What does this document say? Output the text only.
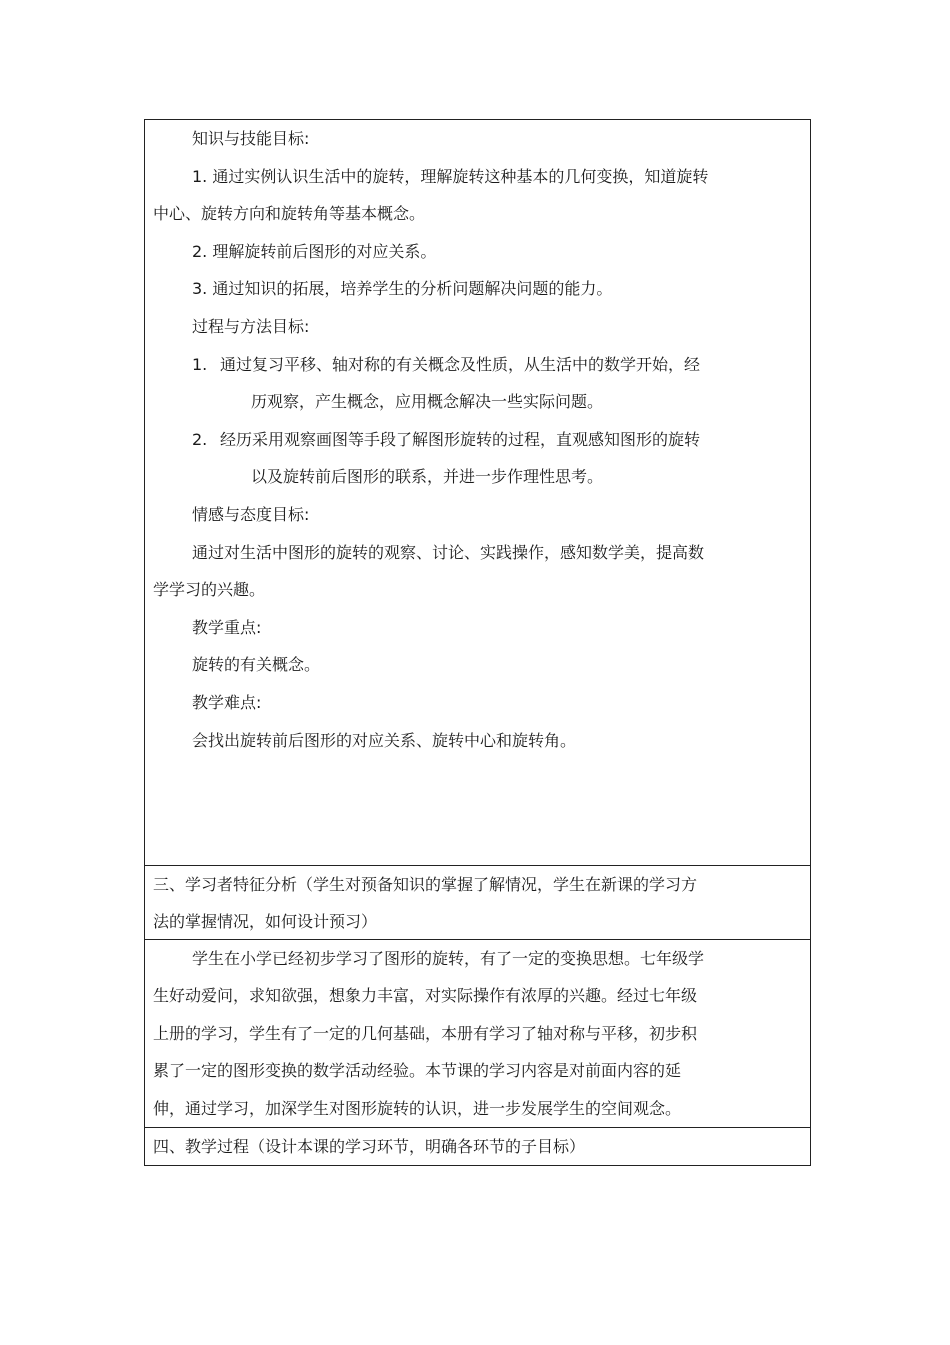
知识与技能目标:
1. 通过实例认识生活中的旋转，理解旋转这种基本的几何变换，知道旋转
中心、旋转方向和旋转角等基本概念。
2. 理解旋转前后图形的对应关系。
3. 通过知识的拓展，培养学生的分析问题解决问题的能力。
过程与方法目标:
1. 通过复习平移、轴对称的有关概念及性质，从生活中的数学开始，经
历观察，产生概念，应用概念解决一些实际问题。
2. 经历采用观察画图等手段了解图形旋转的过程，直观感知图形的旋转
以及旋转前后图形的联系，并进一步作理性思考。
情感与态度目标:
通过对生活中图形的旋转的观察、讨论、实践操作，感知数学美，提高数
学学习的兴趣。
教学重点:
旋转的有关概念。
教学难点:
会找出旋转前后图形的对应关系、旋转中心和旋转角。
三、学习者特征分析（学生对预备知识的掌握了解情况，学生在新课的学习方
法的掌握情况，如何设计预习）
学生在小学已经初步学习了图形的旋转，有了一定的变换思想。七年级学
生好动爱问，求知欲强，想象力丰富，对实际操作有浓厚的兴趣。经过七年级
上册的学习，学生有了一定的几何基础，本册有学习了轴对称与平移，初步积
累了一定的图形变换的数学活动经验。本节课的学习内容是对前面内容的延
伸，通过学习，加深学生对图形旋转的认识，进一步发展学生的空间观念。
四、教学过程（设计本课的学习环节，明确各环节的子目标）
